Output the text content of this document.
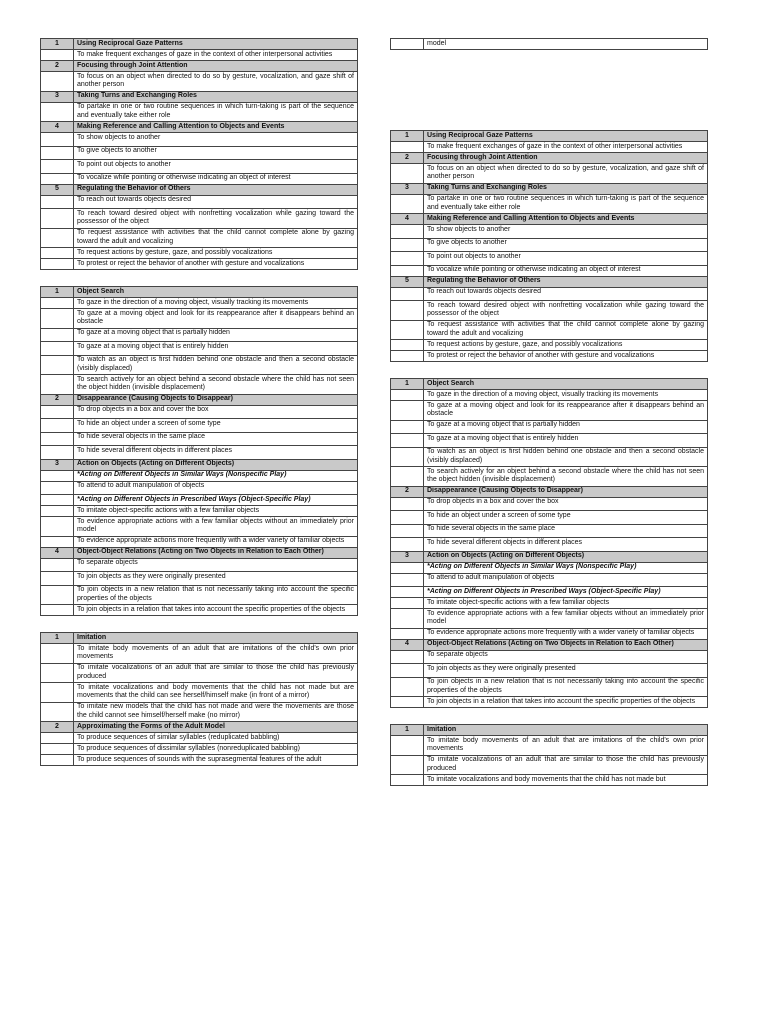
1	Using Reciprocal Gaze Patterns
	To make frequent exchanges of gaze in the context of other interpersonal activities
2	Focusing through Joint Attention
	To focus on an object when directed to do so by gesture, vocalization, and gaze shift of another person
3	Taking Turns and Exchanging Roles
	To partake in one or two routine sequences in which turn-taking is part of the sequence and eventually take either role
4	Making Reference and Calling Attention to Objects and Events
	To show objects to another
	To give objects to another
	To point out objects to another
	To vocalize while pointing or otherwise indicating an object of interest
5	Regulating the Behavior of Others
	To reach out towards objects desired
	To reach toward desired object with nonfretting vocalization while gazing toward the possessor of the object
	To request assistance with activities that the child cannot complete alone by gazing toward the adult and vocalizing
	To request actions by gesture, gaze, and possibly vocalizations
	To protest or reject the behavior of another with gesture and vocalizations
1	Object Search
	To gaze in the direction of a moving object, visually tracking its movements
	To gaze at a moving object and look for its reappearance after it disappears behind an obstacle
	To gaze at a moving object that is partially hidden
	To gaze at a moving object that is entirely hidden
	To watch as an object is first hidden behind one obstacle and then a second obstacle (visibly displaced)
	To search actively for an object behind a second obstacle where the child has not seen the object hidden (invisible displacement)
2	Disappearance (Causing Objects to Disappear)
	To drop objects in a box and cover the box
	To hide an object under a screen of some type
	To hide several objects in the same place
	To hide several different objects in different places
3	Action on Objects (Acting on Different Objects)
	*Acting on Different Objects in Similar Ways (Nonspecific Play)
	To attend to adult manipulation of objects
	*Acting on Different Objects in Prescribed Ways (Object-Specific Play)
	To imitate object-specific actions with a few familiar objects
	To evidence appropriate actions with a few familiar objects without an immediately prior model
	To evidence appropriate actions more frequently with a wider variety of familiar objects
4	Object-Object Relations (Acting on Two Objects in Relation to Each Other)
	To separate objects
	To join objects as they were originally presented
	To join objects in a new relation that is not necessarily taking into account the specific properties of the objects
	To join objects in a relation that takes into account the specific properties of the objects
1	Imitation
	To imitate body movements of an adult that are imitations of the child's own prior movements
	To imitate vocalizations of an adult that are similar to those the child has previously produced
	To imitate vocalizations and body movements that the child has not made but are movements that the child can see herself/himself make (in front of a mirror)
	To imitate new models that the child has not made and were the movements are those the child cannot see himself/herself make (no mirror)
2	Approximating the Forms of the Adult Model
	To produce sequences of similar syllables (reduplicated babbling)
	To produce sequences of dissimilar syllables (nonreduplicated babbling)
	To produce sequences of sounds with the suprasegmental features of the adult
	model
1	Using Reciprocal Gaze Patterns
	To make frequent exchanges of gaze in the context of other interpersonal activities
2	Focusing through Joint Attention
	To focus on an object when directed to do so by gesture, vocalization, and gaze shift of another person
3	Taking Turns and Exchanging Roles
	To partake in one or two routine sequences in which turn-taking is part of the sequence and eventually take either role
4	Making Reference and Calling Attention to Objects and Events
	To show objects to another
	To give objects to another
	To point out objects to another
	To vocalize while pointing or otherwise indicating an object of interest
5	Regulating the Behavior of Others
	To reach out towards objects desired
	To reach toward desired object with nonfretting vocalization while gazing toward the possessor of the object
	To request assistance with activities that the child cannot complete alone by gazing toward the adult and vocalizing
	To request actions by gesture, gaze, and possibly vocalizations
	To protest or reject the behavior of another with gesture and vocalizations
1	Object Search
	To gaze in the direction of a moving object, visually tracking its movements
	To gaze at a moving object and look for its reappearance after it disappears behind an obstacle
	To gaze at a moving object that is partially hidden
	To gaze at a moving object that is entirely hidden
	To watch as an object is first hidden behind one obstacle and then a second obstacle (visibly displaced)
	To search actively for an object behind a second obstacle where the child has not seen the object hidden (invisible displacement)
2	Disappearance (Causing Objects to Disappear)
	To drop objects in a box and cover the box
	To hide an object under a screen of some type
	To hide several objects in the same place
	To hide several different objects in different places
3	Action on Objects (Acting on Different Objects)
	*Acting on Different Objects in Similar Ways (Nonspecific Play)
	To attend to adult manipulation of objects
	*Acting on Different Objects in Prescribed Ways (Object-Specific Play)
	To imitate object-specific actions with a few familiar objects
	To evidence appropriate actions with a few familiar objects without an immediately prior model
	To evidence appropriate actions more frequently with a wider variety of familiar objects
4	Object-Object Relations (Acting on Two Objects in Relation to Each Other)
	To separate objects
	To join objects as they were originally presented
	To join objects in a new relation that is not necessarily taking into account the specific properties of the objects
	To join objects in a relation that takes into account the specific properties of the objects
1	Imitation
	To imitate body movements of an adult that are imitations of the child's own prior movements
	To imitate vocalizations of an adult that are similar to those the child has previously produced
	To imitate vocalizations and body movements that the child has not made but
